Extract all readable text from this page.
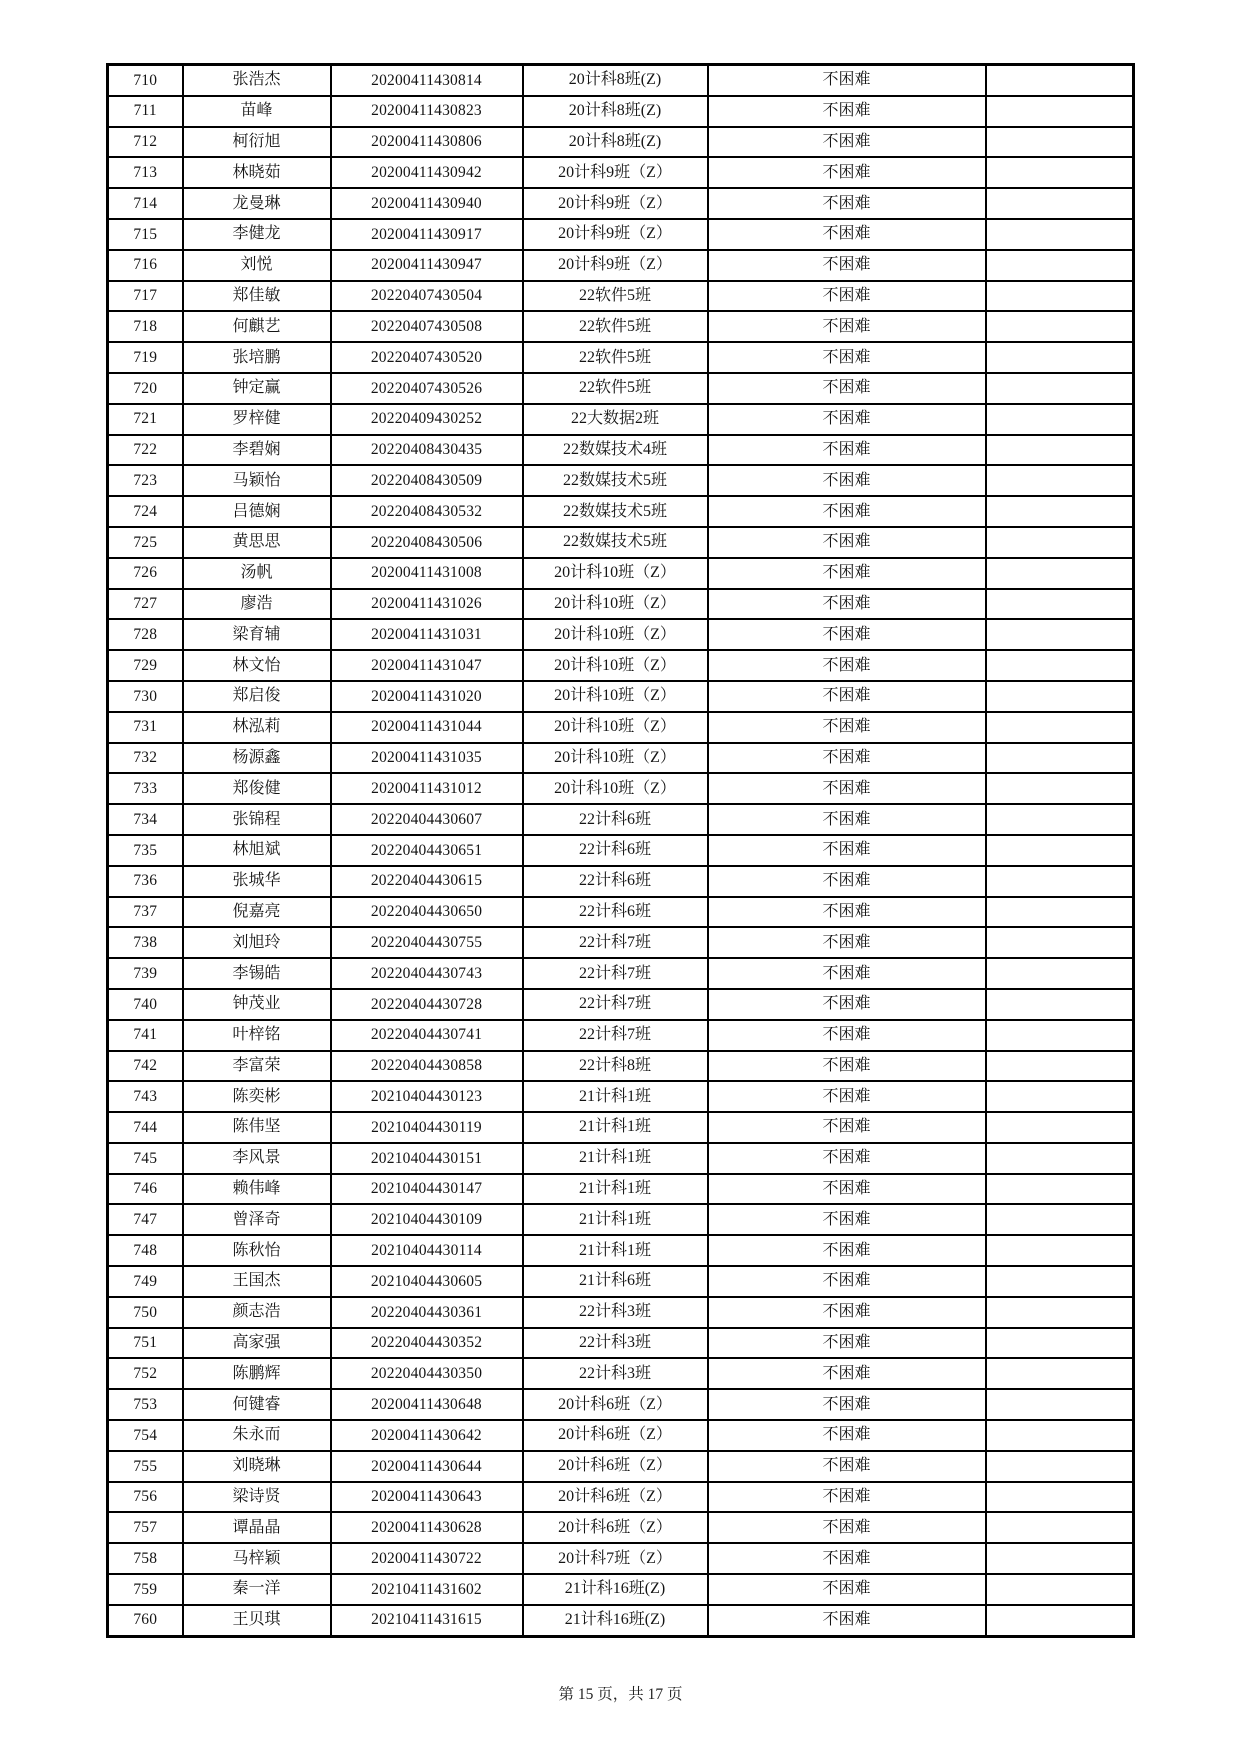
710	张浩杰	20200411430814	20计科8班(Z)	不困难	
711	苗峰	20200411430823	20计科8班(Z)	不困难	
712	柯衍旭	20200411430806	20计科8班(Z)	不困难	
713	林晓茹	20200411430942	20计科9班（Z）	不困难	
714	龙曼琳	20200411430940	20计科9班（Z）	不困难	
715	李健龙	20200411430917	20计科9班（Z）	不困难	
716	刘悦	20200411430947	20计科9班（Z）	不困难	
717	郑佳敏	20220407430504	22软件5班	不困难	
718	何麒艺	20220407430508	22软件5班	不困难	
719	张培鹏	20220407430520	22软件5班	不困难	
720	钟定赢	20220407430526	22软件5班	不困难	
721	罗梓健	20220409430252	22大数据2班	不困难	
722	李碧娴	20220408430435	22数媒技术4班	不困难	
723	马颖怡	20220408430509	22数媒技术5班	不困难	
724	吕德娴	20220408430532	22数媒技术5班	不困难	
725	黄思思	20220408430506	22数媒技术5班	不困难	
726	汤帆	20200411431008	20计科10班（Z）	不困难	
727	廖浩	20200411431026	20计科10班（Z）	不困难	
728	梁育辅	20200411431031	20计科10班（Z）	不困难	
729	林文怡	20200411431047	20计科10班（Z）	不困难	
730	郑启俊	20200411431020	20计科10班（Z）	不困难	
731	林泓莉	20200411431044	20计科10班（Z）	不困难	
732	杨源鑫	20200411431035	20计科10班（Z）	不困难	
733	郑俊健	20200411431012	20计科10班（Z）	不困难	
734	张锦程	20220404430607	22计科6班	不困难	
735	林旭斌	20220404430651	22计科6班	不困难	
736	张城华	20220404430615	22计科6班	不困难	
737	倪嘉亮	20220404430650	22计科6班	不困难	
738	刘旭玲	20220404430755	22计科7班	不困难	
739	李锡皓	20220404430743	22计科7班	不困难	
740	钟茂业	20220404430728	22计科7班	不困难	
741	叶梓铭	20220404430741	22计科7班	不困难	
742	李富荣	20220404430858	22计科8班	不困难	
743	陈奕彬	20210404430123	21计科1班	不困难	
744	陈伟坚	20210404430119	21计科1班	不困难	
745	李风景	20210404430151	21计科1班	不困难	
746	赖伟峰	20210404430147	21计科1班	不困难	
747	曾泽奇	20210404430109	21计科1班	不困难	
748	陈秋怡	20210404430114	21计科1班	不困难	
749	王国杰	20210404430605	21计科6班	不困难	
750	颜志浩	20220404430361	22计科3班	不困难	
751	高家强	20220404430352	22计科3班	不困难	
752	陈鹏辉	20220404430350	22计科3班	不困难	
753	何键睿	20200411430648	20计科6班（Z）	不困难	
754	朱永而	20200411430642	20计科6班（Z）	不困难	
755	刘晓琳	20200411430644	20计科6班（Z）	不困难	
756	梁诗贤	20200411430643	20计科6班（Z）	不困难	
757	谭晶晶	20200411430628	20计科6班（Z）	不困难	
758	马梓颖	20200411430722	20计科7班（Z）	不困难	
759	秦一洋	20210411431602	21计科16班(Z)	不困难	
760	王贝琪	20210411431615	21计科16班(Z)	不困难	
第 15 页，共 17 页
